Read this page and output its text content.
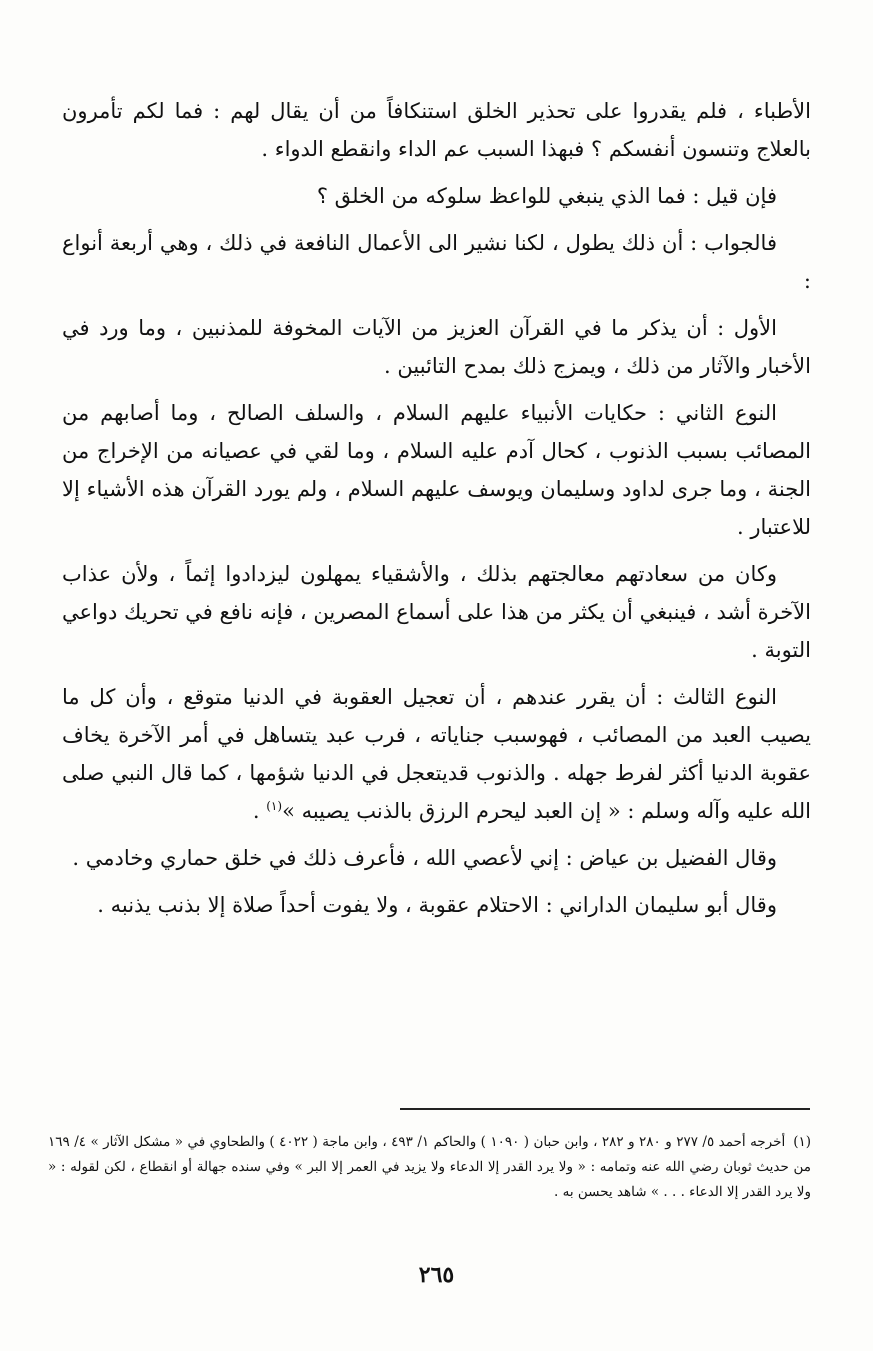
الأطباء ، فلم يقدروا على تحذير الخلق استنكافاً من أن يقال لهم : فما لكم تأمرون بالعلاج وتنسون أنفسكم ؟ فبهذا السبب عم الداء وانقطع الدواء .

فإن قيل : فما الذي ينبغي للواعظ سلوكه من الخلق ؟

فالجواب : أن ذلك يطول ، لكنا نشير الى الأعمال النافعة في ذلك ، وهي أربعة أنواع :

الأول : أن يذكر ما في القرآن العزيز من الآيات المخوفة للمذنبين ، وما ورد في الأخبار والآثار من ذلك ، ويمزج ذلك بمدح التائبين .

النوع الثاني : حكايات الأنبياء عليهم السلام ، والسلف الصالح ، وما أصابهم من المصائب بسبب الذنوب ، كحال آدم عليه السلام ، وما لقي في عصيانه من الإخراج من الجنة ، وما جرى لداود وسليمان ويوسف عليهم السلام ، ولم يورد القرآن هذه الأشياء إلا للاعتبار .

وكان من سعادتهم معالجتهم بذلك ، والأشقياء يمهلون ليزدادوا إثماً ، ولأن عذاب الآخرة أشد ، فينبغي أن يكثر من هذا على أسماع المصرين ، فإنه نافع في تحريك دواعي التوبة .

النوع الثالث : أن يقرر عندهم ، أن تعجيل العقوبة في الدنيا متوقع ، وأن كل ما يصيب العبد من المصائب ، فهوسبب جناياته ، فرب عبد يتساهل في أمر الآخرة يخاف عقوبة الدنيا أكثر لفرط جهله . والذنوب قديتعجل في الدنيا شؤمها ، كما قال النبي صلى الله عليه وآله وسلم : « إن العبد ليحرم الرزق بالذنب يصيبه »$^{(١)}$ .

وقال الفضيل بن عياض : إني لأعصي الله ، فأعرف ذلك في خلق حماري وخادمي .

وقال أبو سليمان الداراني : الاحتلام عقوبة ، ولا يفوت أحداً صلاة إلا بذنب يذنبه .

(١)أخرجه أحمد ٥/ ٢٧٧ و ٢٨٠ و ٢٨٢ ، وابن حبان ( ١٠٩٠ ) والحاكم ١/ ٤٩٣ ، وابن ماجة ( ٤٠٢٢ ) والطحاوي في « مشكل الآثار » ٤/ ١٦٩ من حديث ثوبان رضي الله عنه وتمامه : « ولا يرد القدر إلا الدعاء ولا يزيد في العمر إلا البر » وفي سنده جهالة أو انقطاع ، لكن لقوله : « ولا يرد القدر إلا الدعاء . . . » شاهد يحسن به .
٢٦٥
